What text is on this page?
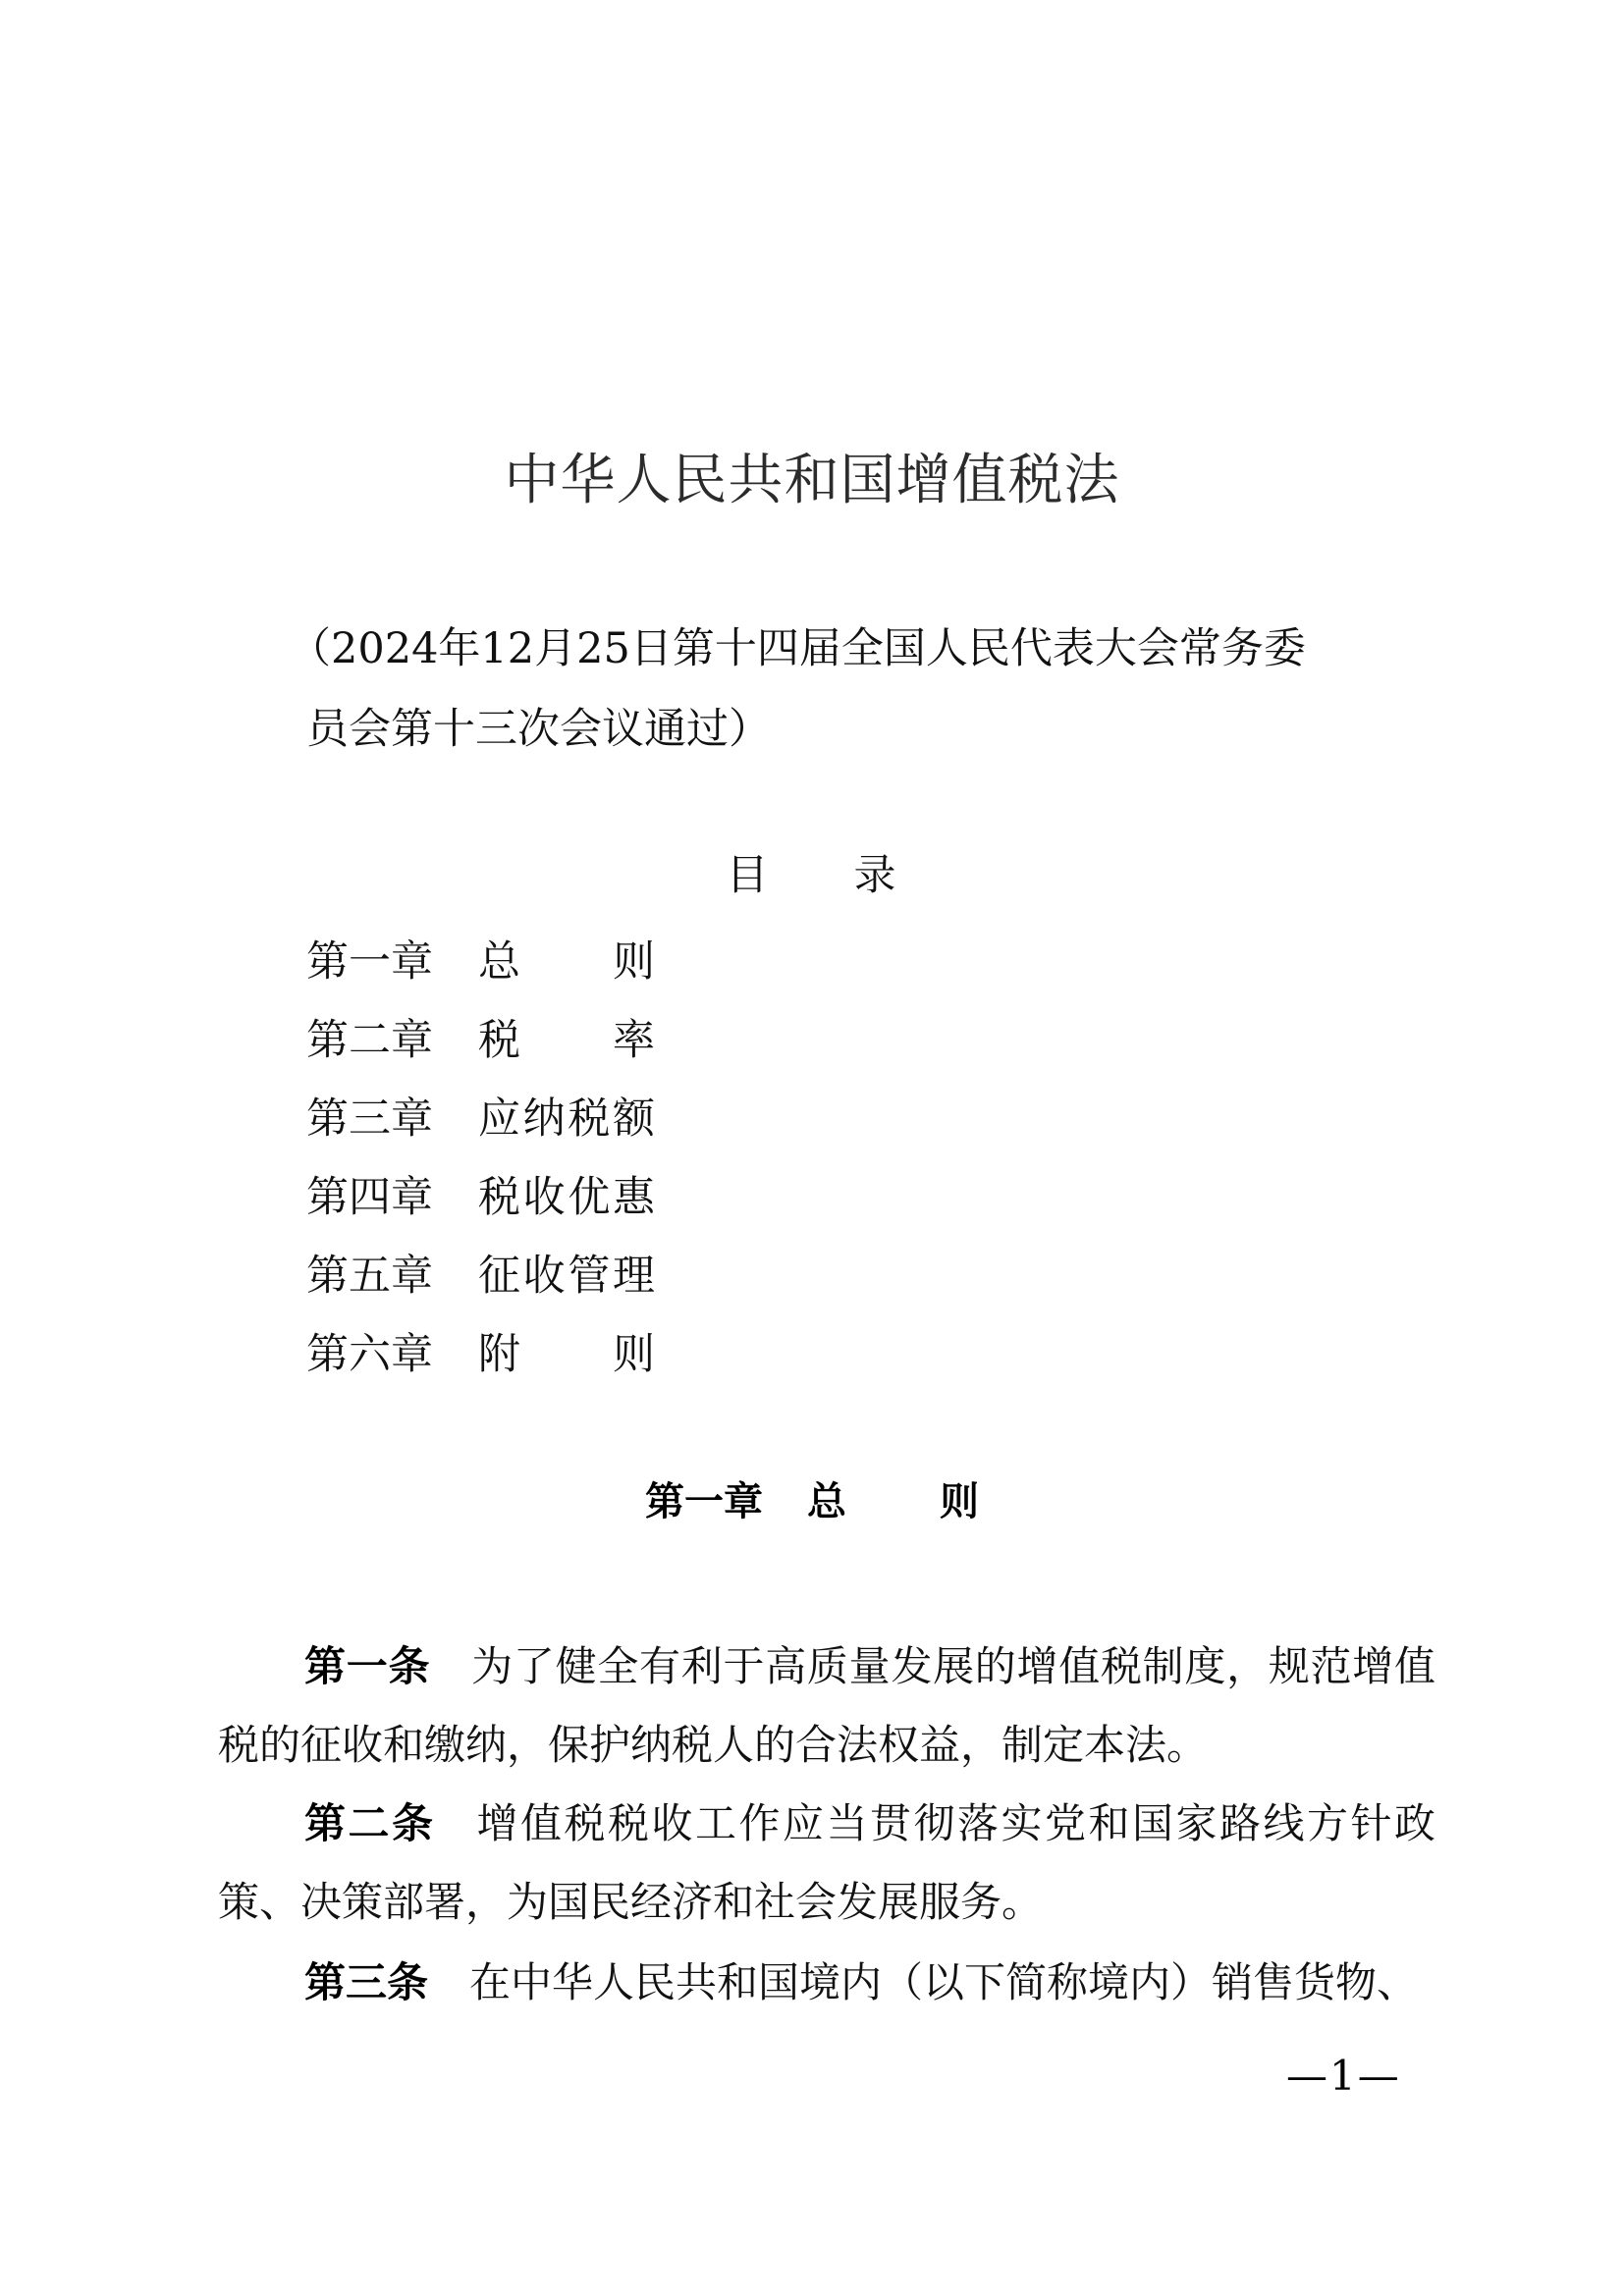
中华人民共和国增值税法
（2024年12月25日第十四届全国人民代表大会常务委员会第十三次会议通过）
目 录
第一章 总　则
第二章 税　率
第三章 应纳税额
第四章 税收优惠
第五章 征收管理
第六章 附　则
第一章 总 则

第一条 为了健全有利于高质量发展的增值税制度，规范增值税的征收和缴纳，保护纳税人的合法权益，制定本法。

第二条 增值税税收工作应当贯彻落实党和国家路线方针政策、决策部署，为国民经济和社会发展服务。

第三条 在中华人民共和国境内（以下简称境内）销售货物、

—1—
